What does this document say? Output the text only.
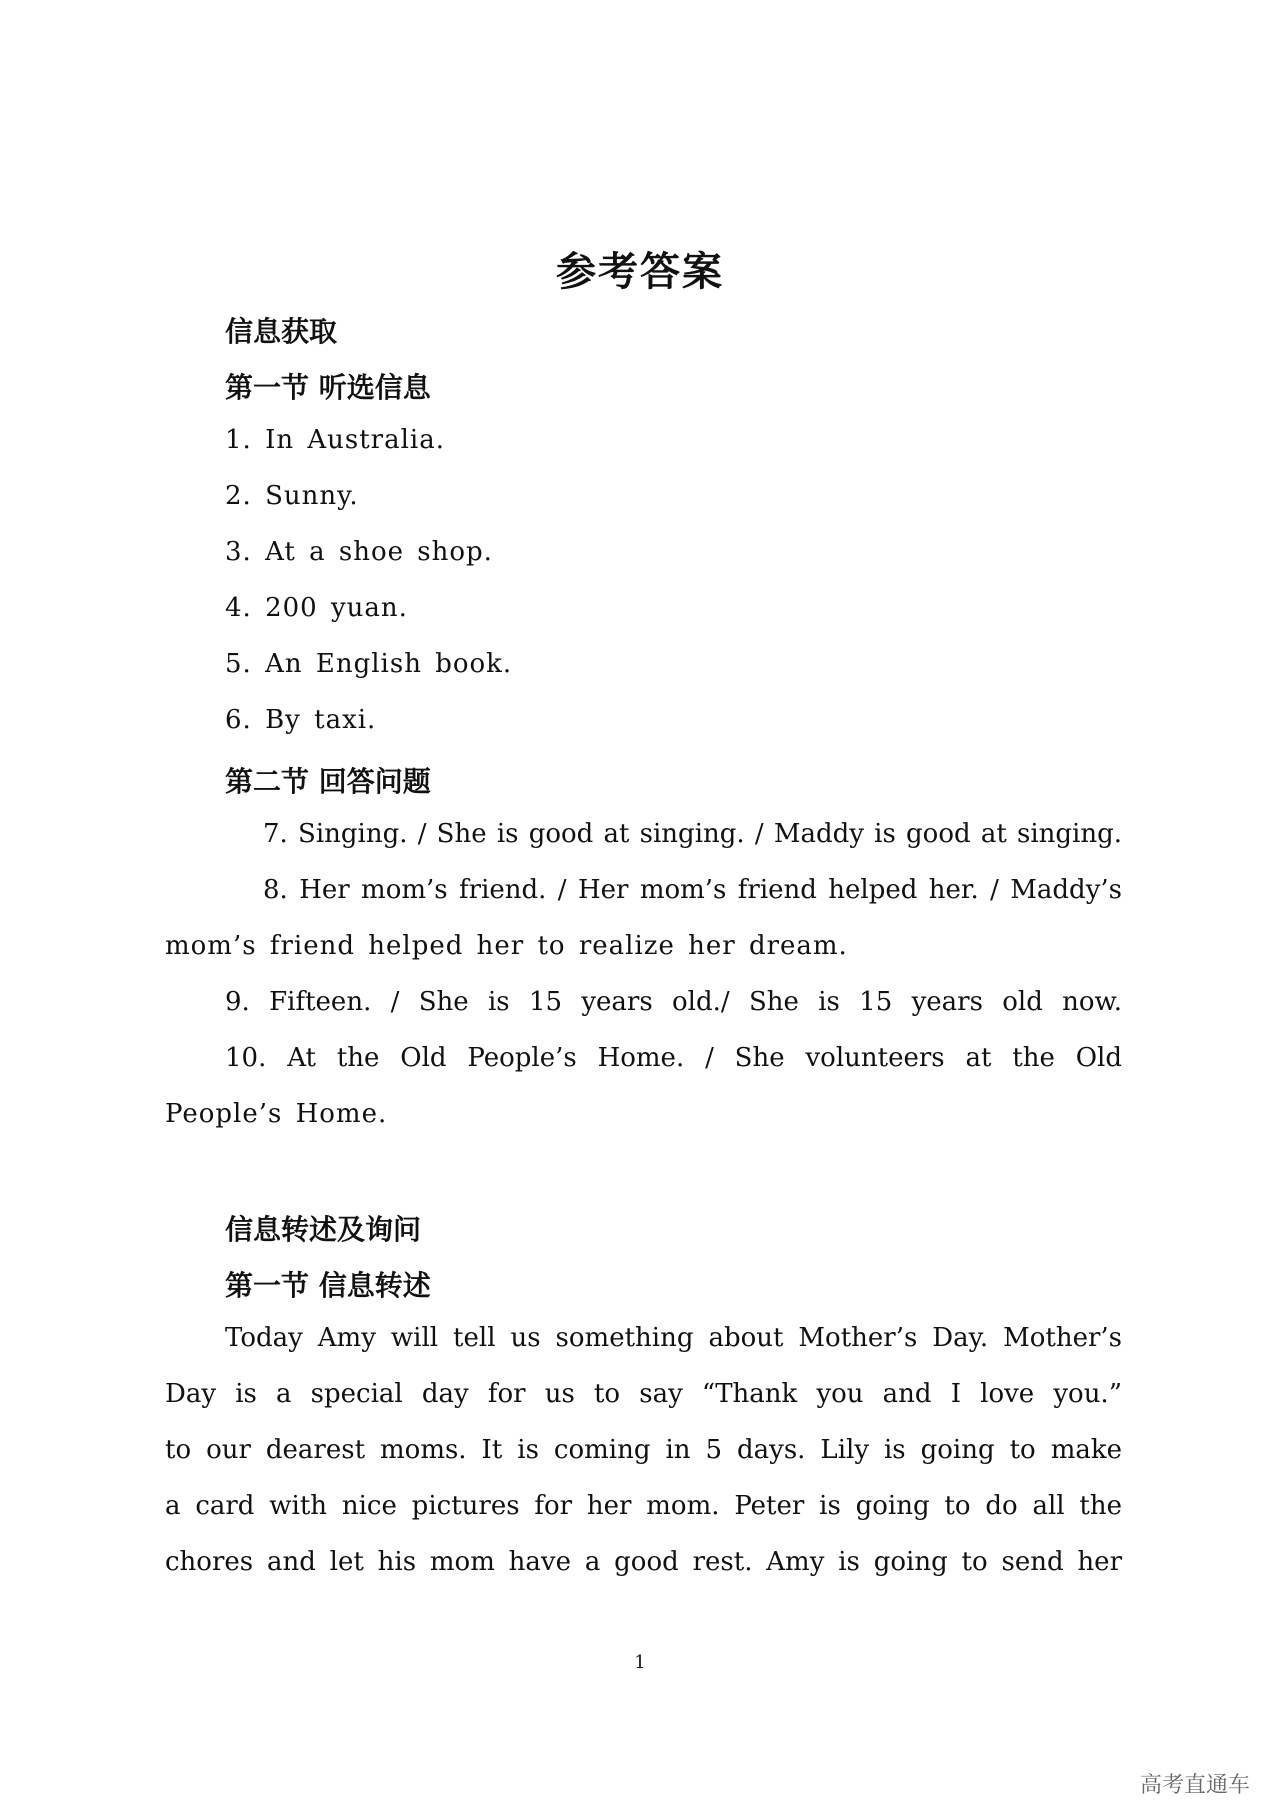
参考答案
信息获取
第一节 听选信息
1. In Australia.
2. Sunny.
3. At a shoe shop.
4. 200 yuan.
5. An English book.
6. By taxi.
第二节 回答问题
7. Singing. / She is good at singing. / Maddy is good at singing.
8. Her mom’s friend. / Her mom’s friend helped her. / Maddy’s
mom’s friend helped her to realize her dream.
9. Fifteen. / She is 15 years old./ She is 15 years old now.
10. At the Old People’s Home. / She volunteers at the Old
People’s Home.
信息转述及询问
第一节 信息转述
Today Amy will tell us something about Mother’s Day. Mother’s
Day is a special day for us to say “Thank you and I love you.”
to our dearest moms. It is coming in 5 days. Lily is going to make
a card with nice pictures for her mom. Peter is going to do all the
chores and let his mom have a good rest. Amy is going to send her
1
高考直通车
